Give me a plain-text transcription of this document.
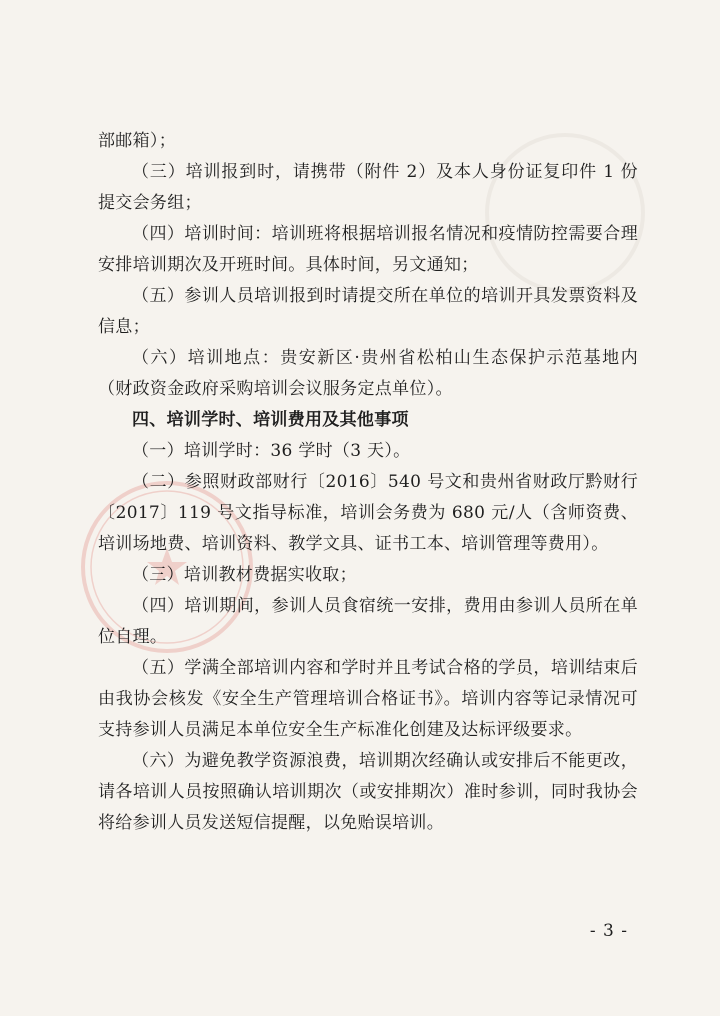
部邮箱）；

（三）培训报到时，请携带（附件 2）及本人身份证复印件 1 份提交会务组；

（四）培训时间：培训班将根据培训报名情况和疫情防控需要合理安排培训期次及开班时间。具体时间，另文通知；

（五）参训人员培训报到时请提交所在单位的培训开具发票资料及信息；

（六）培训地点：贵安新区·贵州省松柏山生态保护示范基地内（财政资金政府采购培训会议服务定点单位）。

四、培训学时、培训费用及其他事项

（一）培训学时：36 学时（3 天）。

（二）参照财政部财行〔2016〕540 号文和贵州省财政厅黔财行〔2017〕119 号文指导标准，培训会务费为 680 元/人（含师资费、培训场地费、培训资料、教学文具、证书工本、培训管理等费用）。

（三）培训教材费据实收取；

（四）培训期间，参训人员食宿统一安排，费用由参训人员所在单位自理。

（五）学满全部培训内容和学时并且考试合格的学员，培训结束后由我协会核发《安全生产管理培训合格证书》。培训内容等记录情况可支持参训人员满足本单位安全生产标准化创建及达标评级要求。

（六）为避免教学资源浪费，培训期次经确认或安排后不能更改，请各培训人员按照确认培训期次（或安排期次）准时参训，同时我协会将给参训人员发送短信提醒，以免贻误培训。

- 3 -
